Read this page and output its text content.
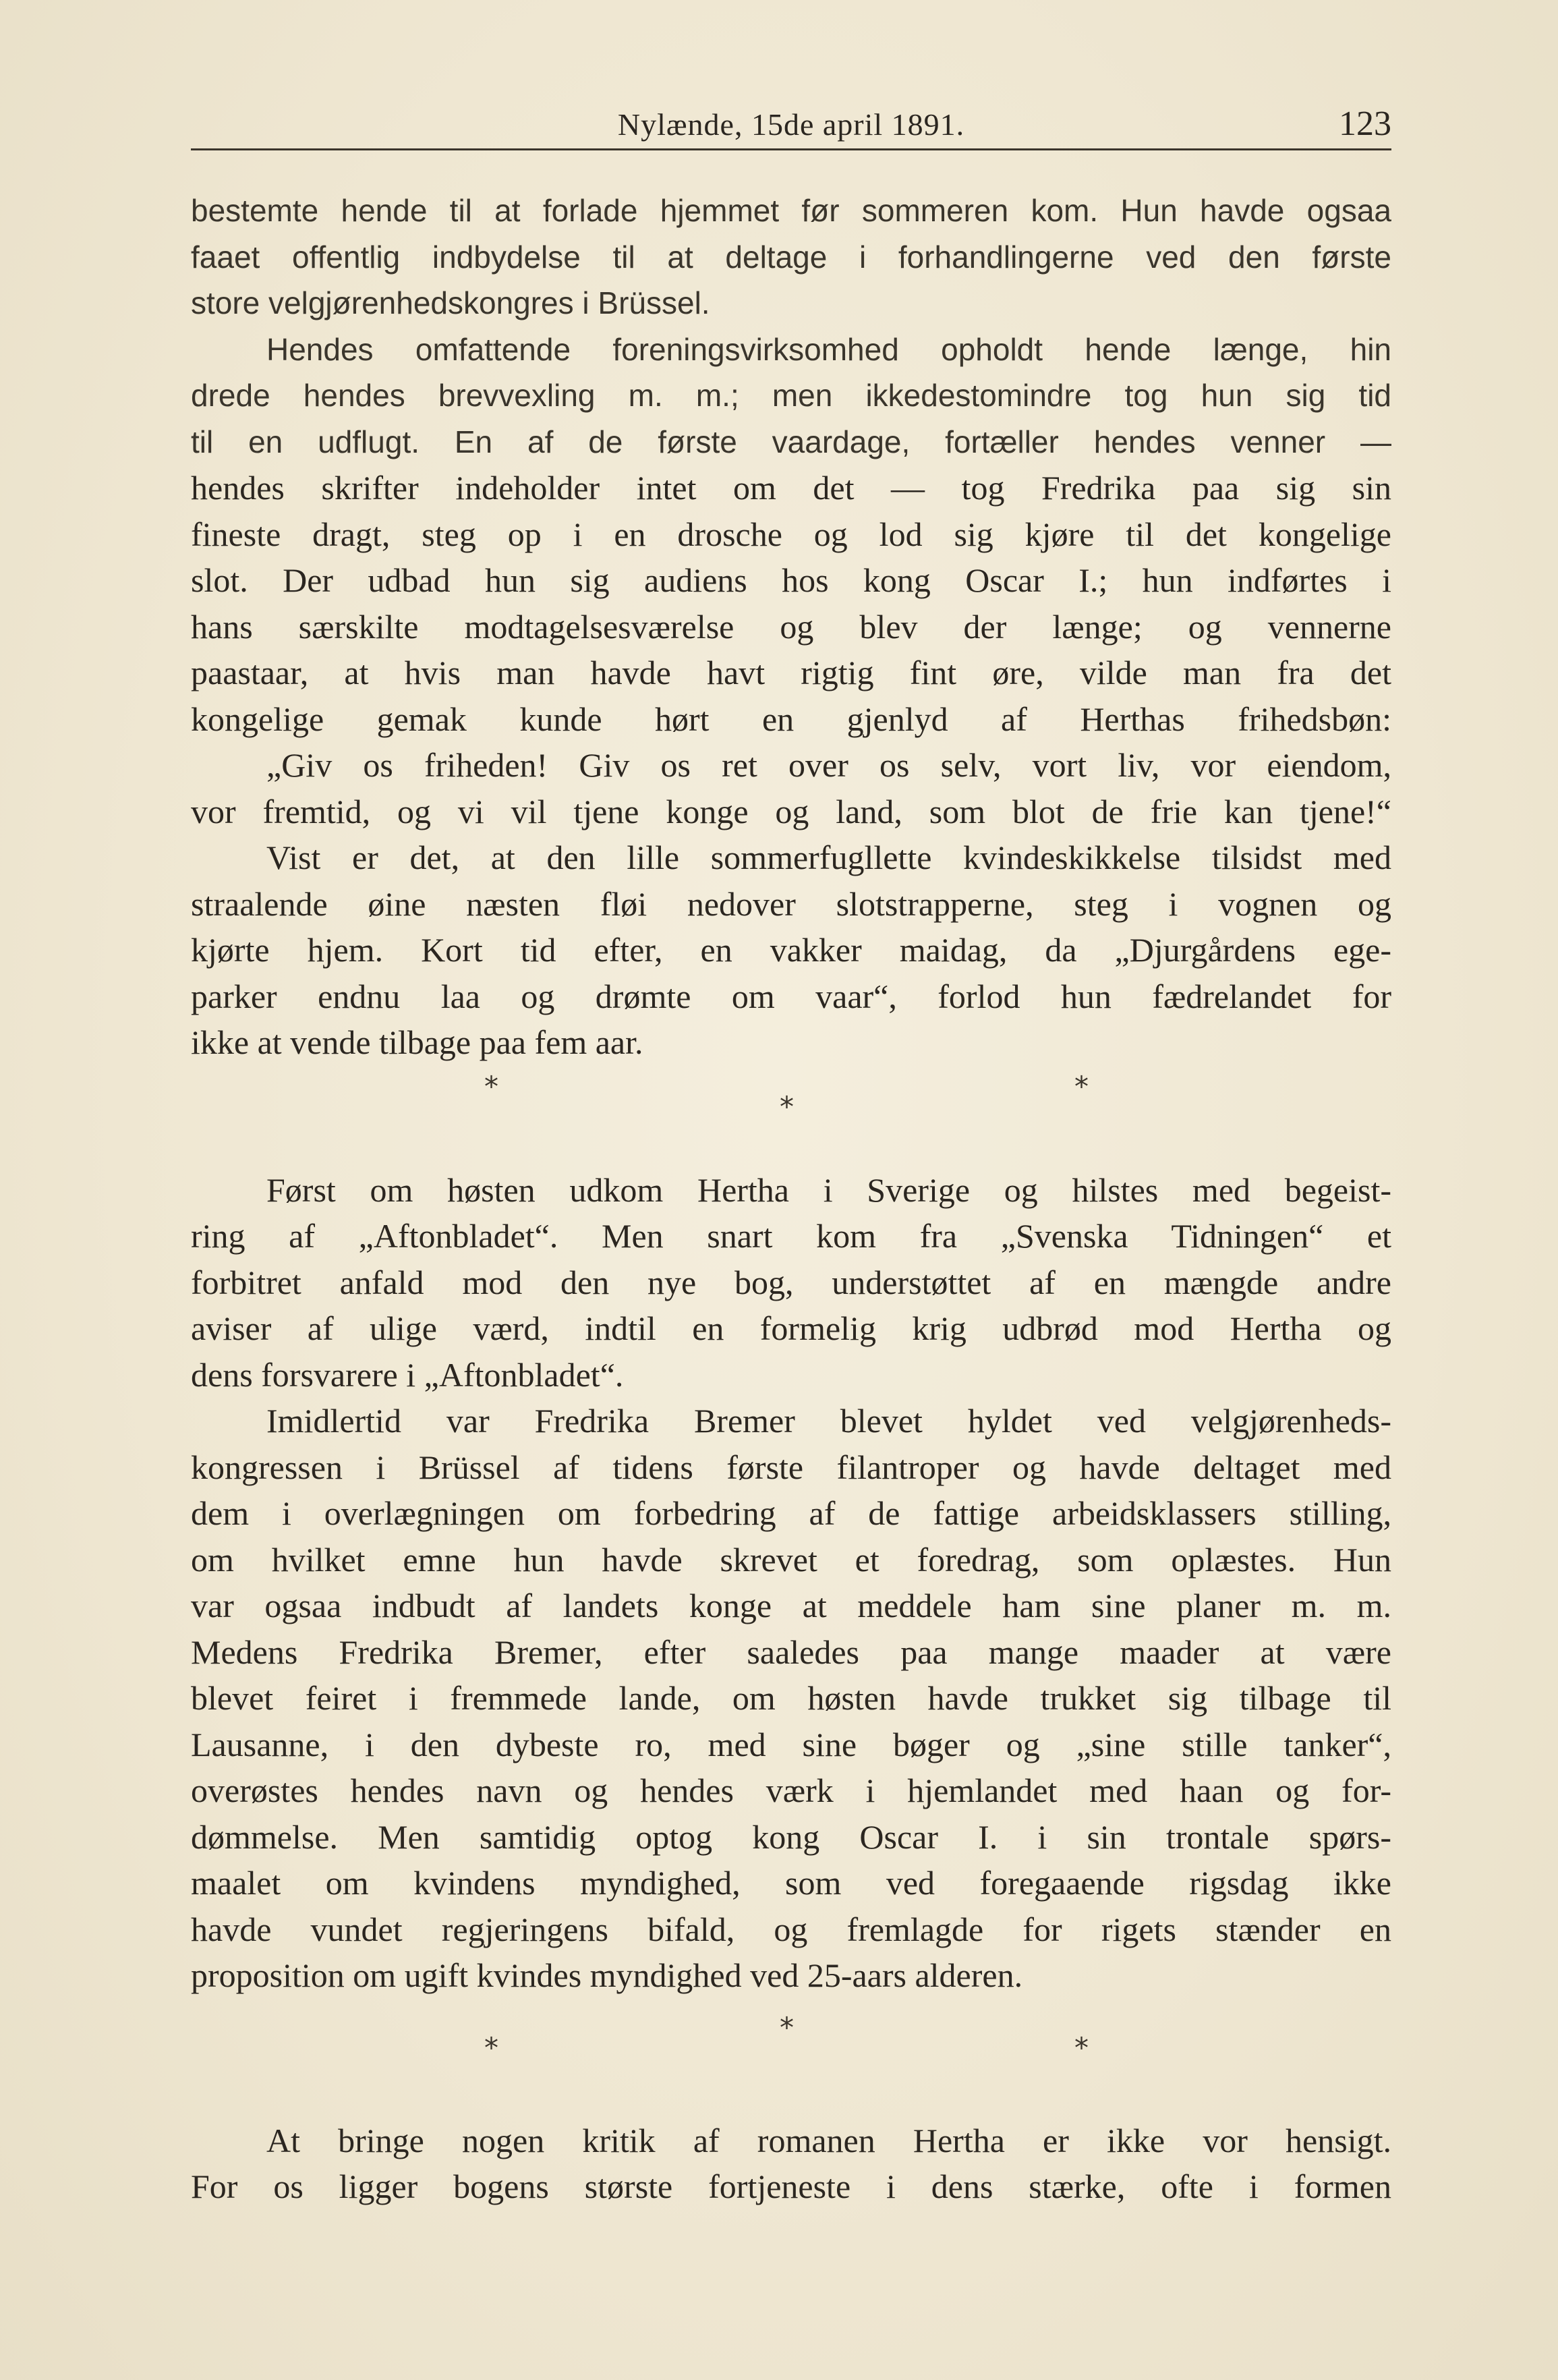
Nylænde, 15de april 1891.	123
bestemte hende til at forlade hjemmet før sommeren kom. Hun havde ogsaa
faaet offentlig indbydelse til at deltage i forhandlingerne ved den første
store velgjørenhedskongres i Brüssel.
Hendes omfattende foreningsvirksomhed opholdt hende længe, hin
drede hendes brevvexling m. m.; men ikkedestomindre tog hun sig tid
til en udflugt. En af de første vaardage, fortæller hendes venner —
hendes skrifter indeholder intet om det — tog Fredrika paa sig sin
fineste dragt, steg op i en drosche og lod sig kjøre til det kongelige
slot. Der udbad hun sig audiens hos kong Oscar I.; hun indførtes i
hans særskilte modtagelsesværelse og blev der længe; og vennerne
paastaar, at hvis man havde havt rigtig fint øre, vilde man fra det
kongelige gemak kunde hørt en gjenlyd af Herthas frihedsbøn:
„Giv os friheden! Giv os ret over os selv, vort liv, vor eiendom,
vor fremtid, og vi vil tjene konge og land, som blot de frie kan tjene!“
Vist er det, at den lille sommerfugllette kvindeskikkelse tilsidst med
straalende øine næsten fløi nedover slotstrapperne, steg i vognen og
kjørte hjem. Kort tid efter, en vakker maidag, da „Djurgårdens ege-
parker endnu laa og drømte om vaar“, forlod hun fædrelandet for
ikke at vende tilbage paa fem aar.
*	*
*
Først om høsten udkom Hertha i Sverige og hilstes med begeist-
ring af „Aftonbladet“. Men snart kom fra „Svenska Tidningen“ et
forbitret anfald mod den nye bog, understøttet af en mængde andre
aviser af ulige værd, indtil en formelig krig udbrød mod Hertha og
dens forsvarere i „Aftonbladet“.
Imidlertid var Fredrika Bremer blevet hyldet ved velgjørenheds-
kongressen i Brüssel af tidens første filantroper og havde deltaget med
dem i overlægningen om forbedring af de fattige arbeidsklassers stilling,
om hvilket emne hun havde skrevet et foredrag, som oplæstes. Hun
var ogsaa indbudt af landets konge at meddele ham sine planer m. m.
Medens Fredrika Bremer, efter saaledes paa mange maader at være
blevet feiret i fremmede lande, om høsten havde trukket sig tilbage til
Lausanne, i den dybeste ro, med sine bøger og „sine stille tanker“,
overøstes hendes navn og hendes værk i hjemlandet med haan og for-
dømmelse. Men samtidig optog kong Oscar I. i sin trontale spørs-
maalet om kvindens myndighed, som ved foregaaende rigsdag ikke
havde vundet regjeringens bifald, og fremlagde for rigets stænder en
proposition om ugift kvindes myndighed ved 25-aars alderen.
*
*	*
At bringe nogen kritik af romanen Hertha er ikke vor hensigt.
For os ligger bogens største fortjeneste i dens stærke, ofte i formen
